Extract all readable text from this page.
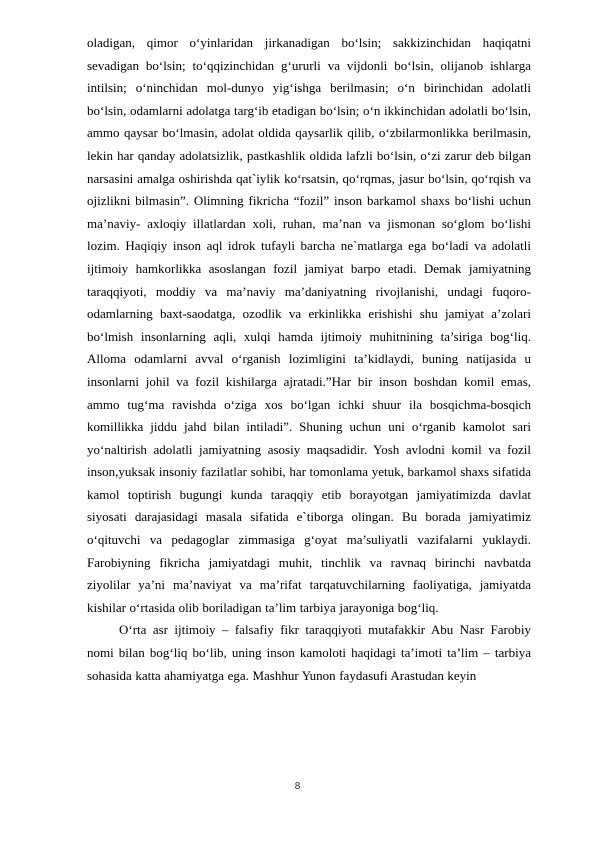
oladigan, qimor o‘yinlaridan jirkanadigan bo‘lsin; sakkizinchidan haqiqatni sevadigan bo‘lsin; to‘qqizinchidan g‘ururli va vijdonli bo‘lsin, olijanob ishlarga intilsin; o‘ninchidan mol-dunyo yig‘ishga berilmasin; o‘n birinchidan adolatli bo‘lsin, odamlarni adolatga targ‘ib etadigan bo‘lsin; o‘n ikkinchidan adolatli bo‘lsin, ammo qaysar bo‘lmasin, adolat oldida qaysarlik qilib, o‘zbilarmonlikka berilmasin, lekin har qanday adolatsizlik, pastkashlik oldida lafzli bo‘lsin, o‘zi zarur deb bilgan narsasini amalga oshirishda qat`iylik ko‘rsatsin, qo‘rqmas, jasur bo‘lsin, qo‘rqish va ojizlikni bilmasin”. Olimning fikricha “fozil” inson barkamol shaxs bo‘lishi uchun ma’naviy- axloqiy illatlardan xoli, ruhan, ma’nan va jismonan so‘glom bo‘lishi lozim. Haqiqiy inson aql idrok tufayli barcha ne`matlarga ega bo‘ladi va adolatli ijtimoiy hamkorlikka asoslangan fozil jamiyat barpo etadi. Demak jamiyatning taraqqiyoti, moddiy va ma’naviy ma’daniyatning rivojlanishi, undagi fuqoro-odamlarning baxt-saodatga, ozodlik va erkinlikka erishishi shu jamiyat a’zolari bo‘lmish insonlarning aqli, xulqi hamda ijtimoiy muhitnining ta’siriga bog‘liq. Alloma odamlarni avval o‘rganish lozimligini ta’kidlaydi, buning natijasida u insonlarni johil va fozil kishilarga ajratadi.”Har bir inson boshdan komil emas, ammo tug‘ma ravishda o‘ziga xos bo‘lgan ichki shuur ila bosqichma-bosqich komillikka jiddu jahd bilan intiladi”. Shuning uchun uni o‘rganib kamolot sari yo‘naltirish adolatli jamiyatning asosiy maqsadidir. Yosh avlodni komil va fozil inson,yuksak insoniy fazilatlar sohibi, har tomonlama yetuk, barkamol shaxs sifatida kamol toptirish bugungi kunda taraqqiy etib borayotgan jamiyatimizda davlat siyosati darajasidagi masala sifatida e`tiborga olingan. Bu borada jamiyatimiz o‘qituvchi va pedagoglar zimmasiga g‘oyat ma’suliyatli vazifalarni yuklaydi. Farobiyning fikricha jamiyatdagi muhit, tinchlik va ravnaq birinchi navbatda ziyolilar ya’ni ma’naviyat va ma’rifat tarqatuvchilarning faoliyatiga, jamiyatda kishilar o‘rtasida olib boriladigan ta’lim tarbiya jarayoniga bog‘liq.

O‘rta asr ijtimoiy – falsafiy fikr taraqqiyoti mutafakkir Abu Nasr Farobiy nomi bilan bog‘liq bo‘lib, uning inson kamoloti haqidagi ta’imoti ta’lim – tarbiya sohasida katta ahamiyatga ega. Mashhur Yunon faydasufi Arastudan keyin

8
